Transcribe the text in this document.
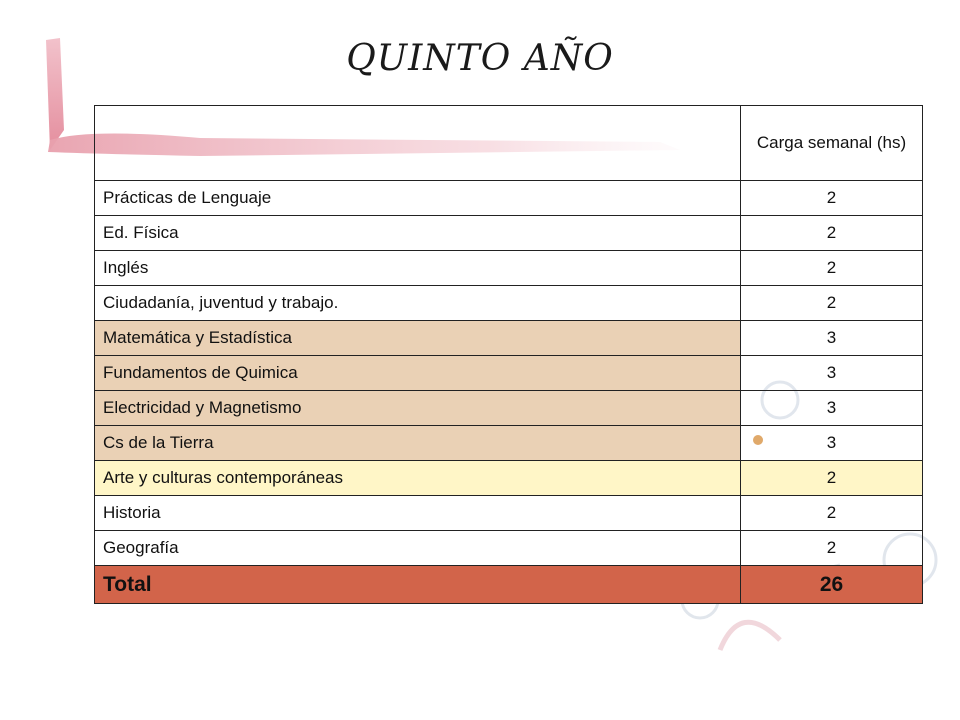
QUINTO AÑO
	Carga semanal (hs)
Prácticas de Lenguaje	2
Ed. Física	2
Inglés	2
Ciudadanía, juventud y trabajo.	2
Matemática y Estadística	3
Fundamentos de Quimica	3
Electricidad y Magnetismo	3
Cs de la Tierra	3
Arte y culturas contemporáneas	2
Historia	2
Geografía	2
Total	26
